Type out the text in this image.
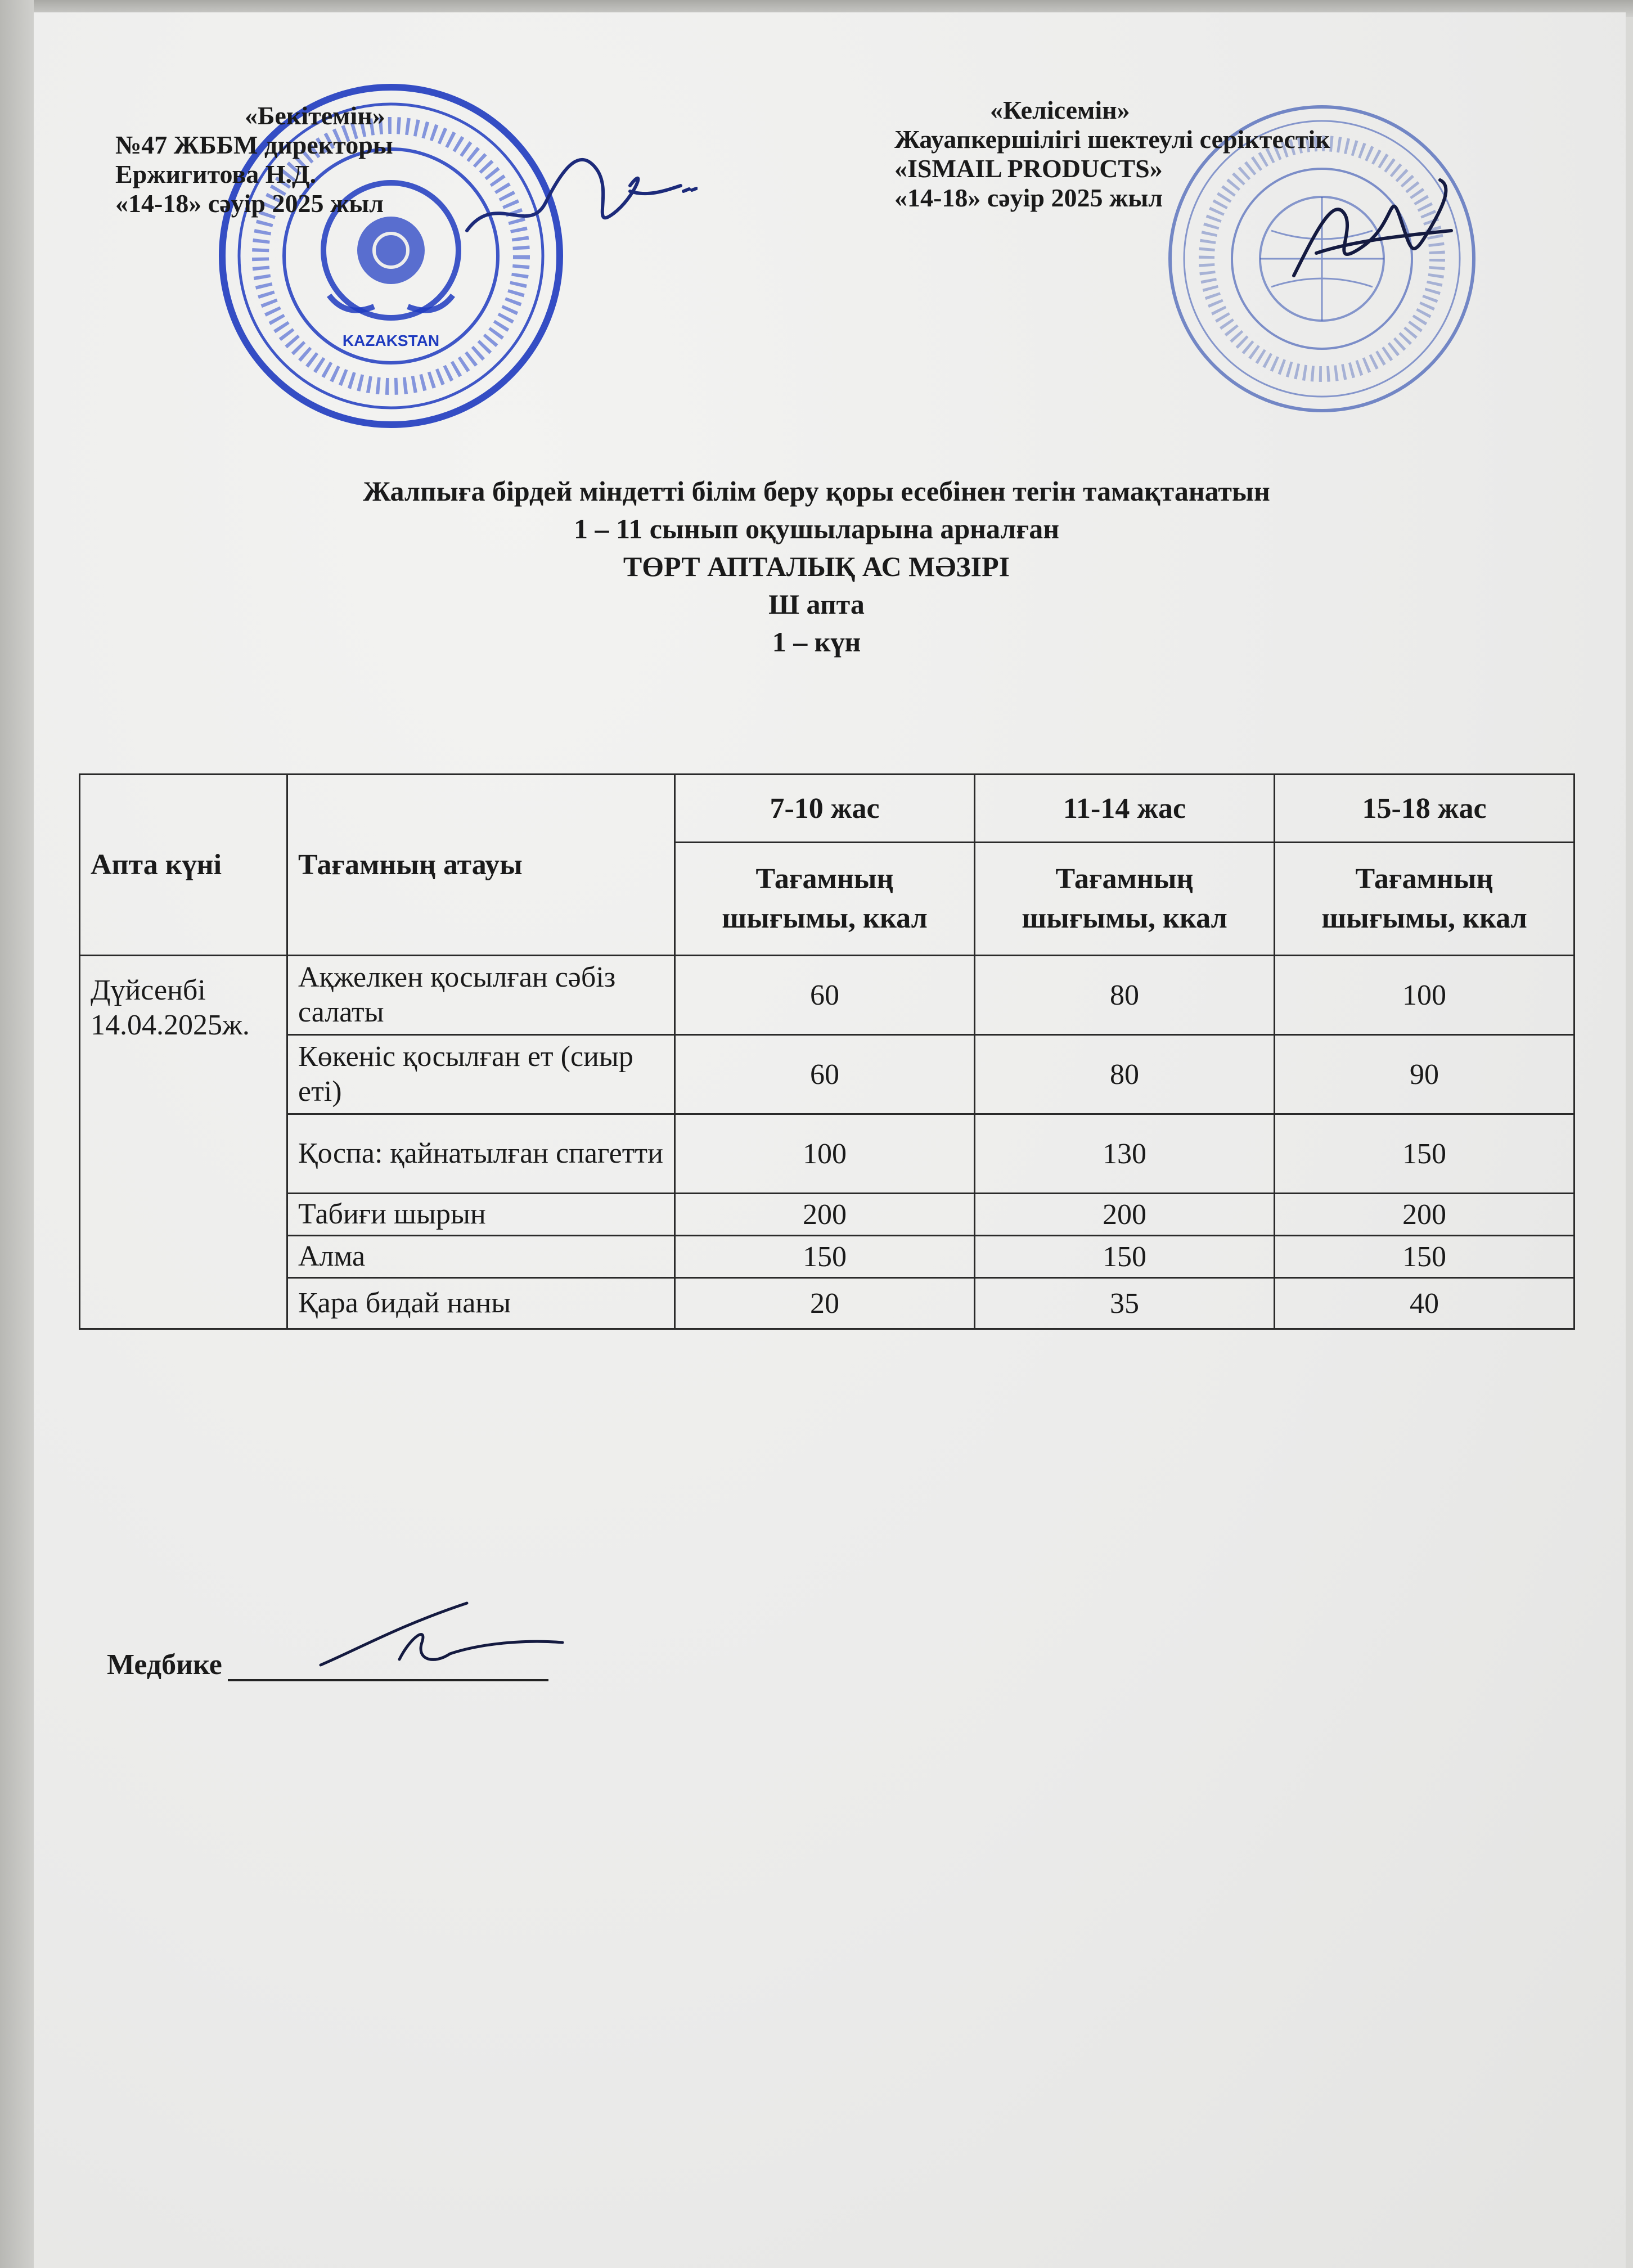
KAZAKSTAN
«Бекітемін»
№47 ЖББМ директоры
Ержигитова Н.Д.
«14-18» сәуір 2025 жыл
«Келісемін»
Жауапкершілігі шектеулі серіктестік
«ISMAIL PRODUCTS»
«14-18» сәуір 2025 жыл
Жалпыға бірдей міндетті білім беру қоры есебінен тегін тамақтанатын
1 – 11 сынып оқушыларына арналған
ТӨРТ АПТАЛЫҚ АС МӘЗІРІ
Ш апта
1 – күн
Апта күні	Тағамның атауы	7-10 жас	11-14 жас	15-18 жас
		Тағамның шығымы, ккал	Тағамның шығымы, ккал	Тағамның шығымы, ккал

Дүйсенбі
14.04.2025ж.	Ақжелкен қосылған сәбіз салаты	60	80	100
	Көкеніс қосылған ет (сиыр еті)	60	80	90
	Қоспа: қайнатылған спагетти	100	130	150
	Табиғи шырын	200	200	200
	Алма	150	150	150
	Қара бидай наны	20	35	40
Медбике
